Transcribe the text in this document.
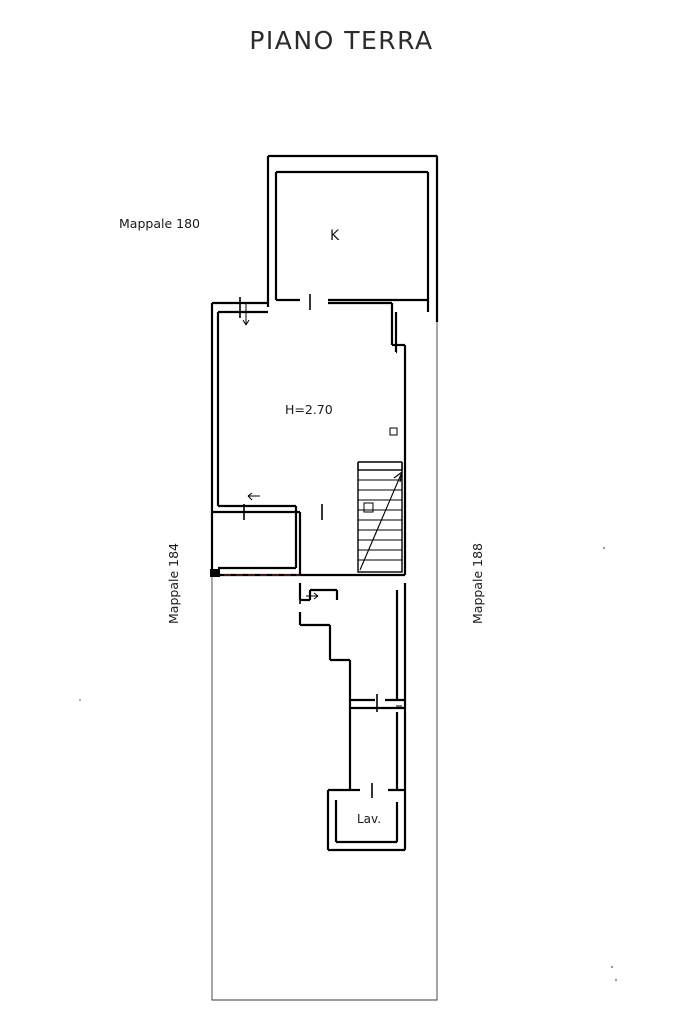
PIANO TERRA
Mappale 180
Mappale 184	Mappale 188
K
H=2.70
Lav.
